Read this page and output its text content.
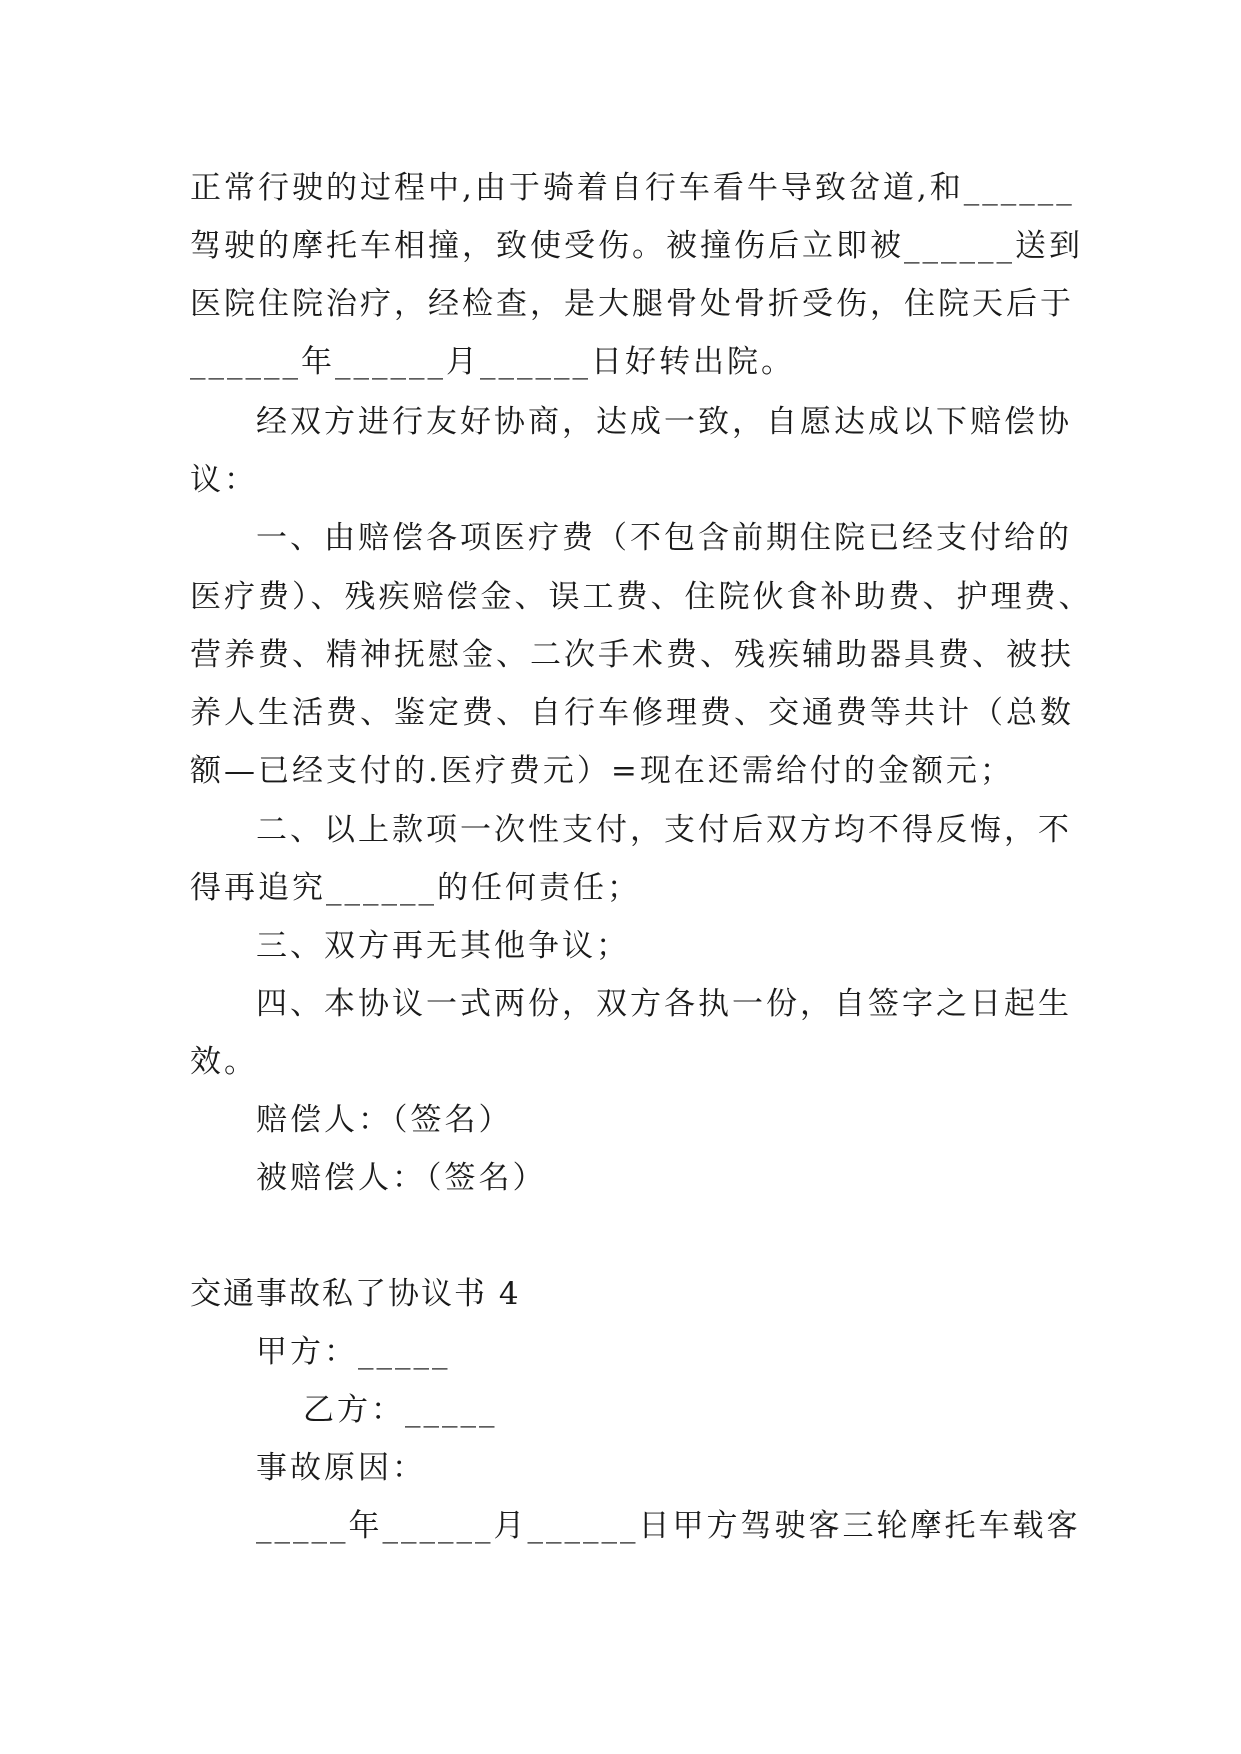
正常行驶的过程中,由于骑着自行车看牛导致岔道,和______
驾驶的摩托车相撞，致使受伤。被撞伤后立即被______送到
医院住院治疗，经检查，是大腿骨处骨折受伤，住院天后于
______年______月______日好转出院。
经双方进行友好协商，达成一致，自愿达成以下赔偿协
议：
一、由赔偿各项医疗费（不包含前期住院已经支付给的
医疗费）、残疾赔偿金、误工费、住院伙食补助费、护理费、
营养费、精神抚慰金、二次手术费、残疾辅助器具费、被扶
养人生活费、鉴定费、自行车修理费、交通费等共计（总数
额—已经支付的.医疗费元）=现在还需给付的金额元；
二、以上款项一次性支付，支付后双方均不得反悔，不
得再追究______的任何责任；
三、双方再无其他争议；
四、本协议一式两份，双方各执一份，自签字之日起生
效。
赔偿人：（签名）
被赔偿人：（签名）
交通事故私了协议书 4
甲方：_____
乙方：_____
事故原因：
_____年______月______日甲方驾驶客三轮摩托车载客
